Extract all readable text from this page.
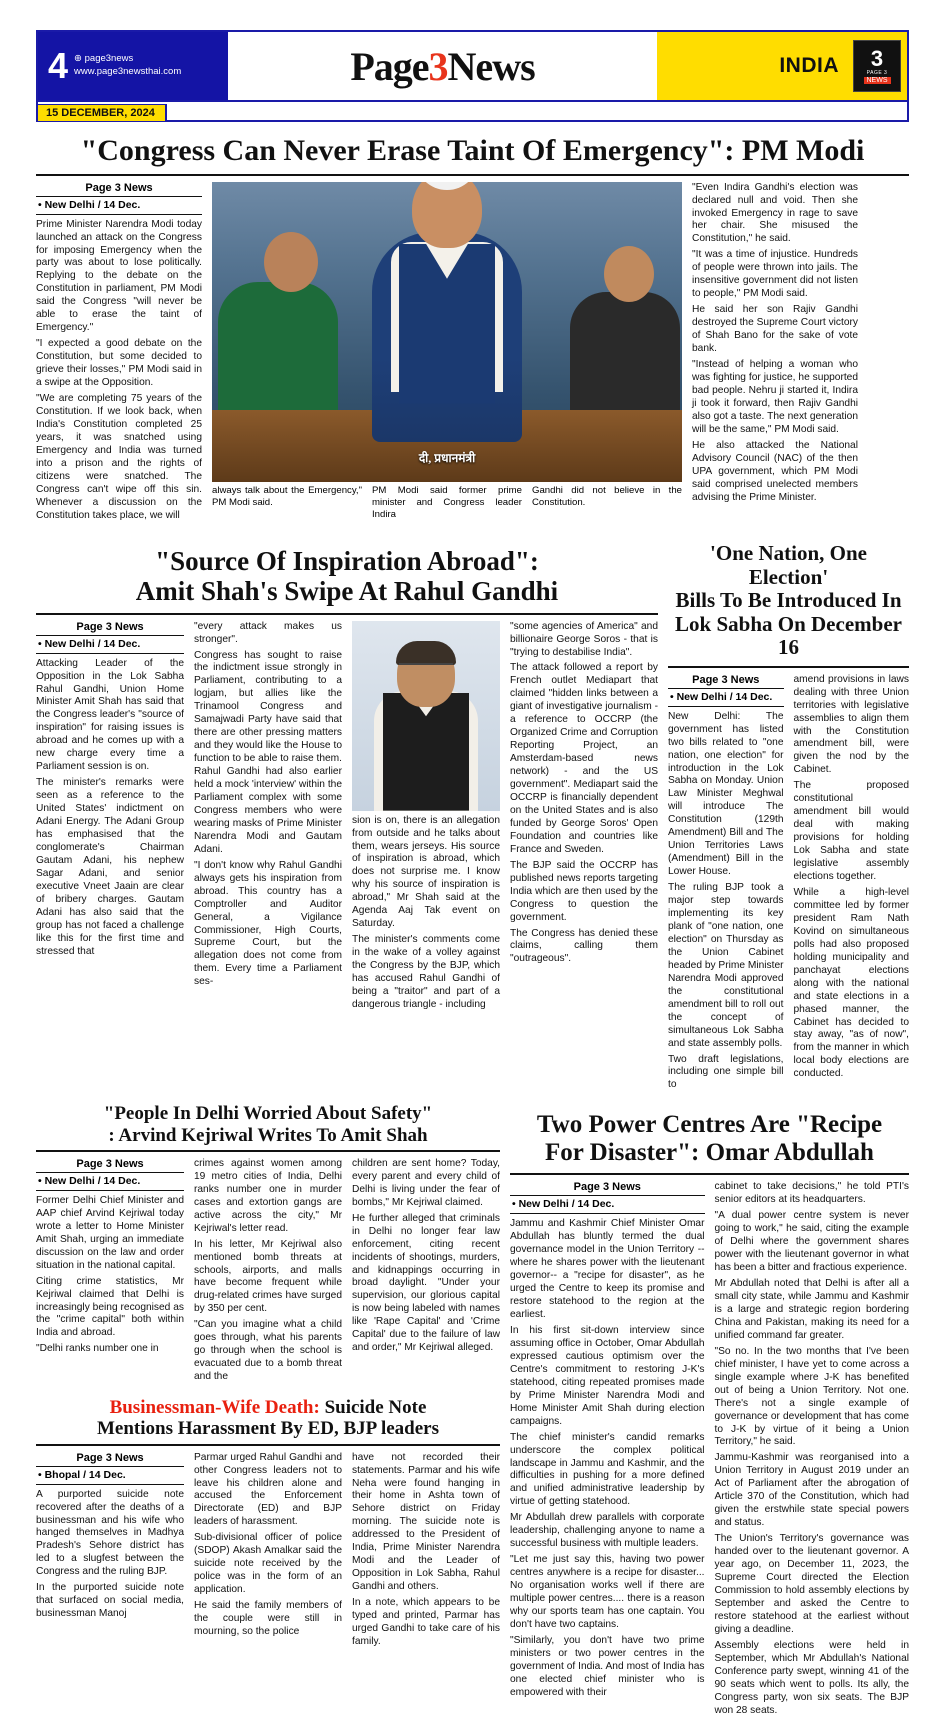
4 ⊕ page3news
www.page3newsthai.com	Page3News	INDIA 3
PAGE 3
NEWS
15 DECEMBER, 2024
"Congress Can Never Erase Taint Of Emergency": PM Modi
Page 3 News
• New Delhi / 14 Dec.

Prime Minister Narendra Modi today launched an attack on the Congress for imposing Emergency when the party was about to lose politically. Replying to the debate on the Constitution in parliament, PM Modi said the Congress "will never be able to erase the taint of Emergency."

"I expected a good debate on the Constitution, but some decided to grieve their losses," PM Modi said in a swipe at the Opposition.

"We are completing 75 years of the Constitution. If we look back, when India's Constitution completed 25 years, it was snatched using Emergency and India was turned into a prison and the rights of citizens were snatched. The Congress can't wipe off this sin. Whenever a discussion on the Constitution takes place, we will

दी, प्रधानमंत्री

always talk about the Emergency," PM Modi said.

PM Modi said former prime minister and Congress leader Indira

Gandhi did not believe in the Constitution.

"Even Indira Gandhi's election was declared null and void. Then she invoked Emergency in rage to save her chair. She misused the Constitution," he said.

"It was a time of injustice. Hundreds of people were thrown into jails. The insensitive government did not listen to people," PM Modi said.

He said her son Rajiv Gandhi destroyed the Supreme Court victory of Shah Bano for the sake of vote bank.

"Instead of helping a woman who was fighting for justice, he supported bad people. Nehru ji started it, Indira ji took it forward, then Rajiv Gandhi also got a taste. The next generation will be the same," PM Modi said.

He also attacked the National Advisory Council (NAC) of the then UPA government, which PM Modi said comprised unelected members advising the Prime Minister.

"Source Of Inspiration Abroad":
Amit Shah's Swipe At Rahul Gandhi
Page 3 News
• New Delhi / 14 Dec.

Attacking Leader of the Opposition in the Lok Sabha Rahul Gandhi, Union Home Minister Amit Shah has said that the Congress leader's "source of inspiration" for raising issues is abroad and he comes up with a new charge every time a Parliament session is on.

The minister's remarks were seen as a reference to the United States' indictment on Adani Energy. The Adani Group has emphasised that the conglomerate's Chairman Gautam Adani, his nephew Sagar Adani, and senior executive Vneet Jaain are clear of bribery charges. Gautam Adani has also said that the group has not faced a challenge like this for the first time and stressed that

"every attack makes us stronger".

Congress has sought to raise the indictment issue strongly in Parliament, contributing to a logjam, but allies like the Trinamool Congress and Samajwadi Party have said that there are other pressing matters and they would like the House to function to be able to raise them. Rahul Gandhi had also earlier held a mock 'interview' within the Parliament complex with some Congress members who were wearing masks of Prime Minister Narendra Modi and Gautam Adani.

"I don't know why Rahul Gandhi always gets his inspiration from abroad. This country has a Comptroller and Auditor General, a Vigilance Commissioner, High Courts, Supreme Court, but the allegation does not come from them. Every time a Parliament ses-

sion is on, there is an allegation from outside and he talks about them, wears jerseys. His source of inspiration is abroad, which does not surprise me. I know why his source of inspiration is abroad," Mr Shah said at the Agenda Aaj Tak event on Saturday.

The minister's comments come in the wake of a volley against the Congress by the BJP, which has accused Rahul Gandhi of being a "traitor" and part of a dangerous triangle - including

"some agencies of America" and billionaire George Soros - that is "trying to destabilise India".

The attack followed a report by French outlet Mediapart that claimed "hidden links between a giant of investigative journalism - a reference to OCCRP (the Organized Crime and Corruption Reporting Project, an Amsterdam-based news network) - and the US government". Mediapart said the OCCRP is financially dependent on the United States and is also funded by George Soros' Open Foundation and countries like France and Sweden.

The BJP said the OCCRP has published news reports targeting India which are then used by the Congress to question the government.

The Congress has denied these claims, calling them "outrageous".

'One Nation, One Election'
Bills To Be Introduced In
Lok Sabha On December 16
Page 3 News
• New Delhi / 14 Dec.

New Delhi: The government has listed two bills related to "one nation, one election" for introduction in the Lok Sabha on Monday. Union Law Minister Meghwal will introduce The Constitution (129th Amendment) Bill and The Union Territories Laws (Amendment) Bill in the Lower House.

The ruling BJP took a major step towards implementing its key plank of "one nation, one election" on Thursday as the Union Cabinet headed by Prime Minister Narendra Modi approved the constitutional amendment bill to roll out the concept of simultaneous Lok Sabha and state assembly polls.

Two draft legislations, including one simple bill to

amend provisions in laws dealing with three Union territories with legislative assemblies to align them with the Constitution amendment bill, were given the nod by the Cabinet.

The proposed constitutional amendment bill would deal with making provisions for holding Lok Sabha and state legislative assembly elections together.

While a high-level committee led by former president Ram Nath Kovind on simultaneous polls had also proposed holding municipality and panchayat elections along with the national and state elections in a phased manner, the Cabinet has decided to stay away, "as of now", from the manner in which local body elections are conducted.

"People In Delhi Worried About Safety"
: Arvind Kejriwal Writes To Amit Shah
Page 3 News
• New Delhi / 14 Dec.

Former Delhi Chief Minister and AAP chief Arvind Kejriwal today wrote a letter to Home Minister Amit Shah, urging an immediate discussion on the law and order situation in the national capital.

Citing crime statistics, Mr Kejriwal claimed that Delhi is increasingly being recognised as the "crime capital" both within India and abroad.

"Delhi ranks number one in

crimes against women among 19 metro cities of India, Delhi ranks number one in murder cases and extortion gangs are active across the city," Mr Kejriwal's letter read.

In his letter, Mr Kejriwal also mentioned bomb threats at schools, airports, and malls have become frequent while drug-related crimes have surged by 350 per cent.

"Can you imagine what a child goes through, what his parents go through when the school is evacuated due to a bomb threat and the

children are sent home? Today, every parent and every child of Delhi is living under the fear of bombs," Mr Kejriwal claimed.

He further alleged that criminals in Delhi no longer fear law enforcement, citing recent incidents of shootings, murders, and kidnappings occurring in broad daylight. "Under your supervision, our glorious capital is now being labeled with names like 'Rape Capital' and 'Crime Capital' due to the failure of law and order," Mr Kejriwal alleged.

Businessman-Wife Death: Suicide Note
Mentions Harassment By ED, BJP leaders
Page 3 News
• Bhopal / 14 Dec.

A purported suicide note recovered after the deaths of a businessman and his wife who hanged themselves in Madhya Pradesh's Sehore district has led to a slugfest between the Congress and the ruling BJP.

In the purported suicide note that surfaced on social media, businessman Manoj

Parmar urged Rahul Gandhi and other Congress leaders not to leave his children alone and accused the Enforcement Directorate (ED) and BJP leaders of harassment.

Sub-divisional officer of police (SDOP) Akash Amalkar said the suicide note received by the police was in the form of an application.

He said the family members of the couple were still in mourning, so the police

have not recorded their statements. Parmar and his wife Neha were found hanging in their home in Ashta town of Sehore district on Friday morning. The suicide note is addressed to the President of India, Prime Minister Narendra Modi and the Leader of Opposition in Lok Sabha, Rahul Gandhi and others.

In a note, which appears to be typed and printed, Parmar has urged Gandhi to take care of his family.

Two Power Centres Are "Recipe
For Disaster": Omar Abdullah
Page 3 News
• New Delhi / 14 Dec.

Jammu and Kashmir Chief Minister Omar Abdullah has bluntly termed the dual governance model in the Union Territory -- where he shares power with the lieutenant governor-- a "recipe for disaster", as he urged the Centre to keep its promise and restore statehood to the region at the earliest.

In his first sit-down interview since assuming office in October, Omar Abdullah expressed cautious optimism over the Centre's commitment to restoring J-K's statehood, citing repeated promises made by Prime Minister Narendra Modi and Home Minister Amit Shah during election campaigns.

The chief minister's candid remarks underscore the complex political landscape in Jammu and Kashmir, and the difficulties in pushing for a more defined and unified administrative leadership by virtue of getting statehood.

Mr Abdullah drew parallels with corporate leadership, challenging anyone to name a successful business with multiple leaders.

"Let me just say this, having two power centres anywhere is a recipe for disaster... No organisation works well if there are multiple power centres.... there is a reason why our sports team has one captain. You don't have two captains.

"Similarly, you don't have two prime ministers or two power centres in the government of India. And most of India has one elected chief minister who is empowered with their

cabinet to take decisions," he told PTI's senior editors at its headquarters.

"A dual power centre system is never going to work," he said, citing the example of Delhi where the government shares power with the lieutenant governor in what has been a bitter and fractious experience.

Mr Abdullah noted that Delhi is after all a small city state, while Jammu and Kashmir is a large and strategic region bordering China and Pakistan, making its need for a unified command far greater.

"So no. In the two months that I've been chief minister, I have yet to come across a single example where J-K has benefited out of being a Union Territory. Not one. There's not a single example of governance or development that has come to J-K by virtue of it being a Union Territory," he said.

Jammu-Kashmir was reorganised into a Union Territory in August 2019 under an Act of Parliament after the abrogation of Article 370 of the Constitution, which had given the erstwhile state special powers and status.

The Union's Territory's governance was handed over to the lieutenant governor. A year ago, on December 11, 2023, the Supreme Court directed the Election Commission to hold assembly elections by September and asked the Centre to restore statehood at the earliest without giving a deadline.

Assembly elections were held in September, which Mr Abdullah's National Conference party swept, winning 41 of the 90 seats which went to polls. Its ally, the Congress party, won six seats. The BJP won 28 seats.
